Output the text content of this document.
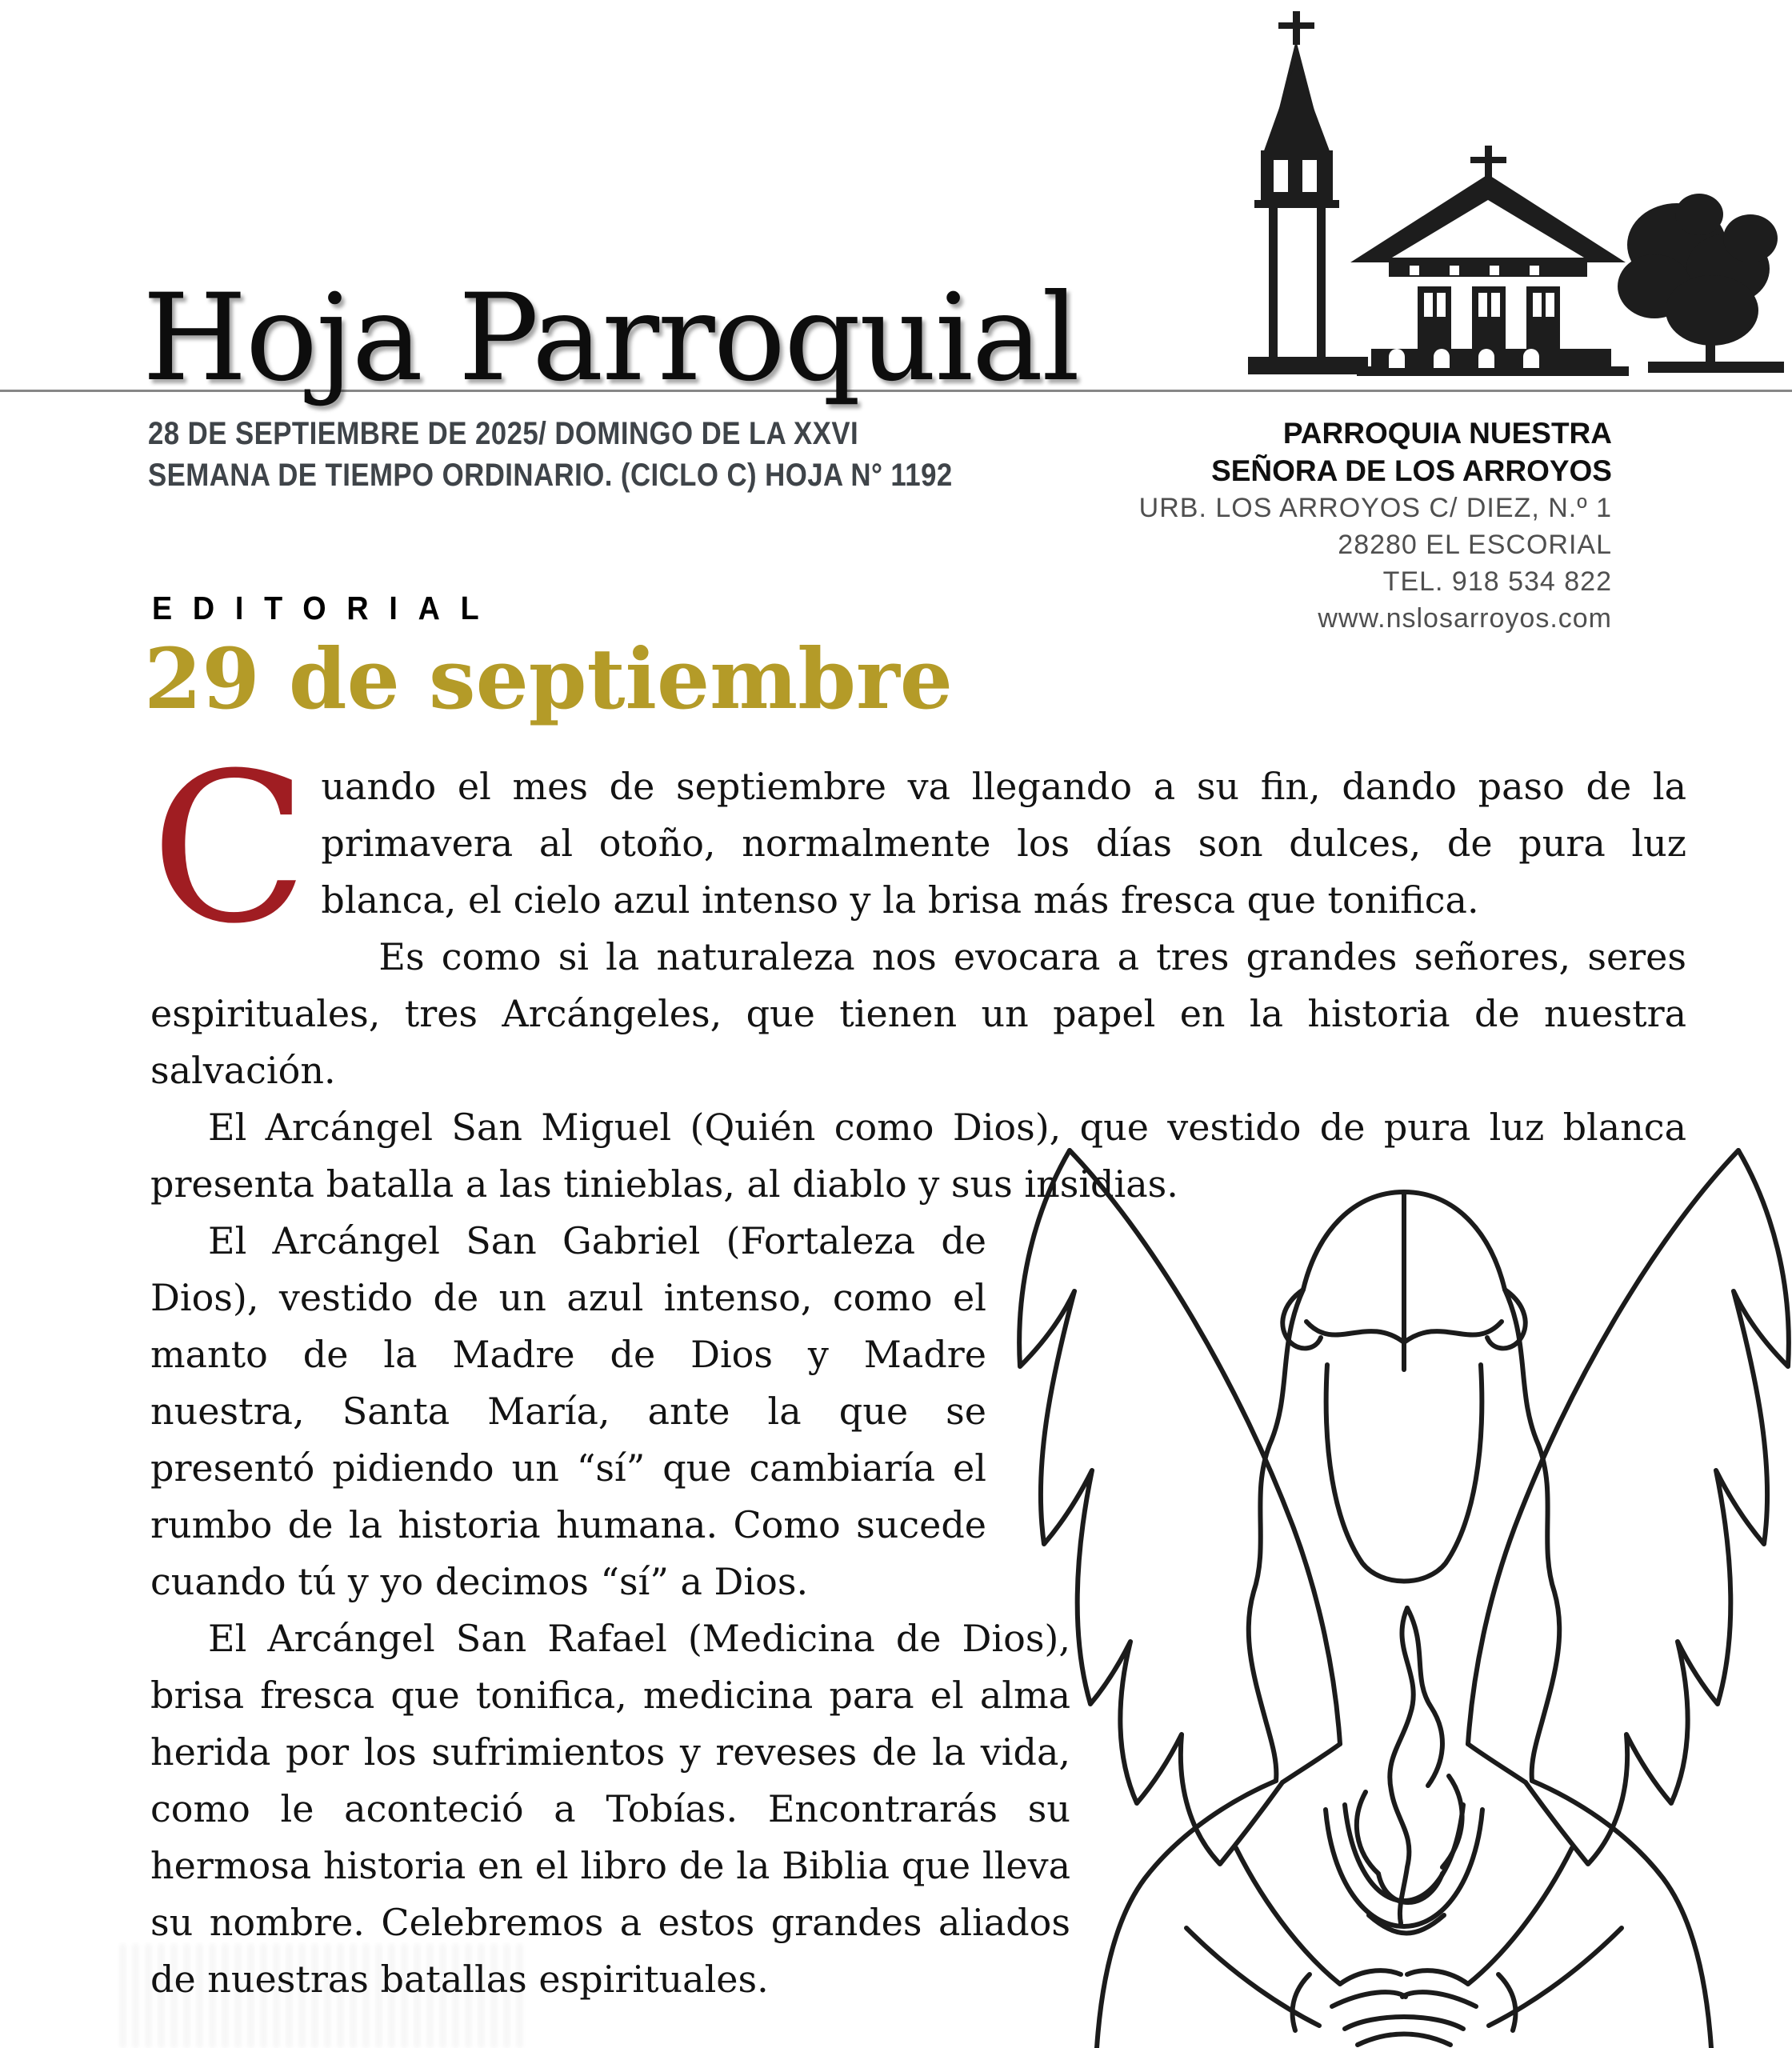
Hoja Parroquial
28 DE SEPTIEMBRE DE 2025/ DOMINGO DE LA XXVI
SEMANA DE TIEMPO ORDINARIO. (CICLO C) HOJA N° 1192
PARROQUIA NUESTRA
SEÑORA DE LOS ARROYOS
URB. LOS ARROYOS C/ DIEZ, N.º 1
28280 EL ESCORIAL
TEL. 918 534 822
www.nslosarroyos.com
EDITORIAL
29 de septiembre

Cuando el mes de septiembre va llegando a su fin, dando paso de la primavera al otoño, normalmente los días son dulces, de pura luz blanca, el cielo azul intenso y la brisa más fresca que tonifica.

Es como si la naturaleza nos evocara a tres grandes señores, seres espirituales, tres Arcángeles, que tienen un papel en la historia de nuestra salvación.

El Arcángel San Miguel (Quién como Dios), que vestido de pura luz blanca presenta batalla a las tinieblas, al diablo y sus insidias.

El Arcángel San Gabriel (Fortaleza de Dios), vestido de un azul intenso, como el manto de la Madre de Dios y Madre nuestra, Santa María, ante la que se presentó pidiendo un “sí” que cambiaría el rumbo de la historia humana. Como sucede cuando tú y yo decimos “sí” a Dios.

El Arcángel San Rafael (Medicina de Dios), brisa fresca que tonifica, medicina para el alma herida por los sufrimientos y reveses de la vida, como le aconteció a Tobías. Encontrarás su hermosa historia en el libro de la Biblia que lleva su nombre. Celebremos a estos grandes aliados de nuestras batallas espirituales.
